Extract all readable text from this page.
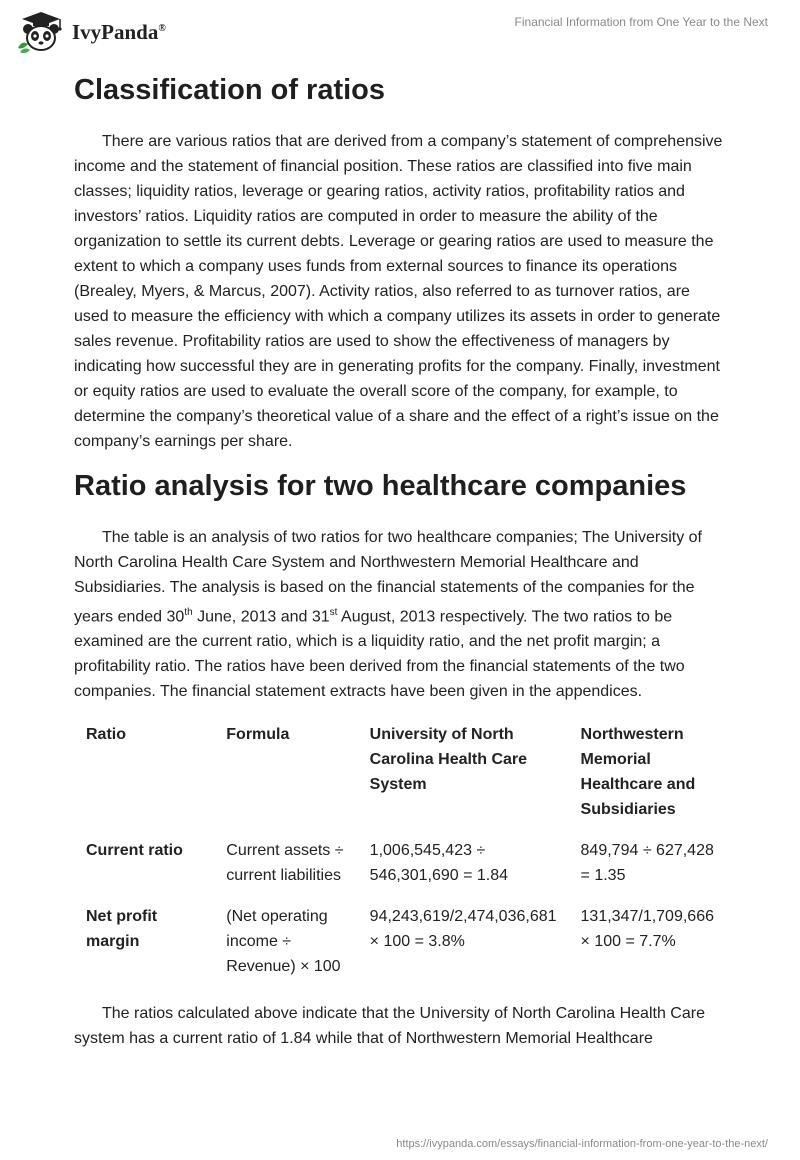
IvyPanda®	Financial Information from One Year to the Next
Classification of ratios

There are various ratios that are derived from a company’s statement of comprehensive income and the statement of financial position. These ratios are classified into five main classes; liquidity ratios, leverage or gearing ratios, activity ratios, profitability ratios and investors’ ratios. Liquidity ratios are computed in order to measure the ability of the organization to settle its current debts. Leverage or gearing ratios are used to measure the extent to which a company uses funds from external sources to finance its operations (Brealey, Myers, & Marcus, 2007). Activity ratios, also referred to as turnover ratios, are used to measure the efficiency with which a company utilizes its assets in order to generate sales revenue. Profitability ratios are used to show the effectiveness of managers by indicating how successful they are in generating profits for the company. Finally, investment or equity ratios are used to evaluate the overall score of the company, for example, to determine the company’s theoretical value of a share and the effect of a right’s issue on the company’s earnings per share.

Ratio analysis for two healthcare companies

The table is an analysis of two ratios for two healthcare companies; The University of North Carolina Health Care System and Northwestern Memorial Healthcare and Subsidiaries. The analysis is based on the financial statements of the companies for the years ended 30th June, 2013 and 31st August, 2013 respectively. The two ratios to be examined are the current ratio, which is a liquidity ratio, and the net profit margin; a profitability ratio. The ratios have been derived from the financial statements of the two companies. The financial statement extracts have been given in the appendices.

Ratio	Formula	University of North Carolina Health Care System	Northwestern Memorial Healthcare and Subsidiaries
Current ratio	Current assets ÷ current liabilities	1,006,545,423 ÷ 546,301,690 = 1.84	849,794 ÷ 627,428 = 1.35
Net profit margin	(Net operating income ÷ Revenue) × 100	94,243,619/2,474,036,681 × 100 = 3.8%	131,347/1,709,666 × 100 = 7.7%

The ratios calculated above indicate that the University of North Carolina Health Care system has a current ratio of 1.84 while that of Northwestern Memorial Healthcare

https://ivypanda.com/essays/financial-information-from-one-year-to-the-next/
